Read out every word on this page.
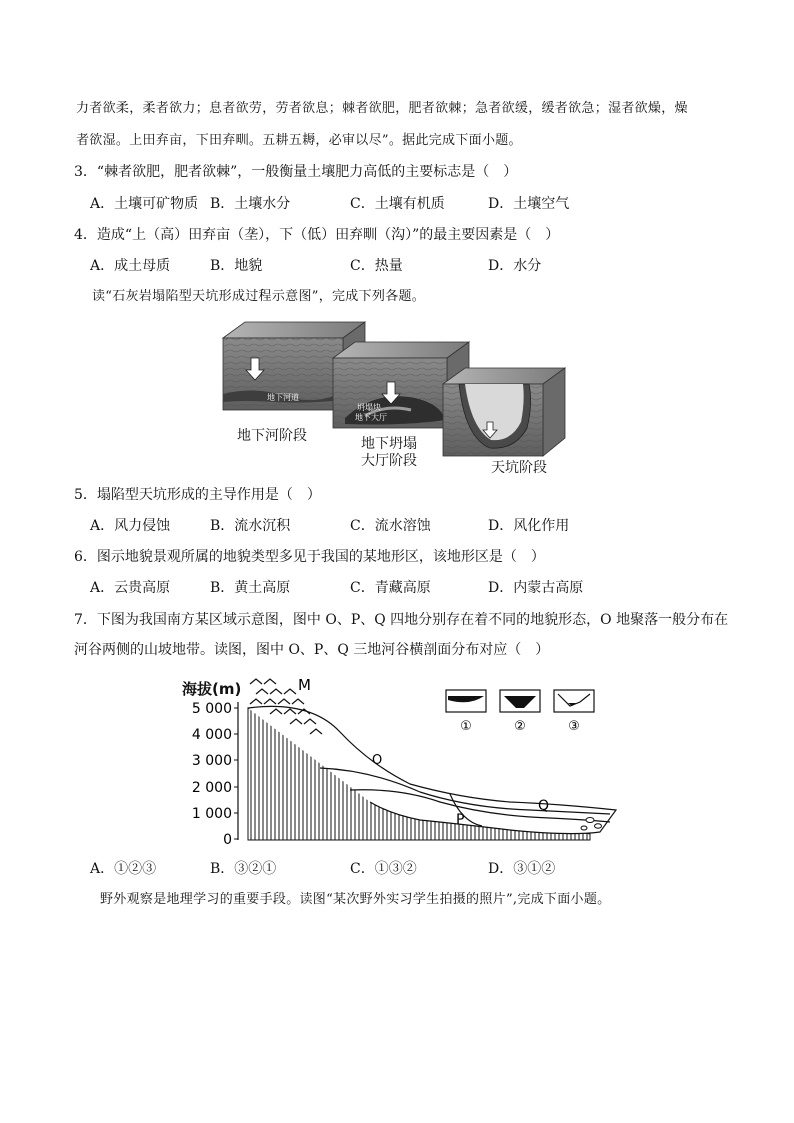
力者欲柔，柔者欲力；息者欲劳，劳者欲息；棘者欲肥，肥者欲棘；急者欲缓，缓者欲急；湿者欲燥，燥
者欲湿。上田弃亩，下田弃甽。五耕五耨，必审以尽”。据此完成下面小题。
3．“棘者欲肥，肥者欲棘”，一般衡量土壤肥力高低的主要标志是（　）
A．土壤可矿物质 B．土壤水分	C．土壤有机质	D．土壤空气
4．造成“上（高）田弃亩（垄），下（低）田弃甽（沟）”的最主要因素是（　）
A．成土母质	B．地貌	C．热量	D．水分
读“石灰岩塌陷型天坑形成过程示意图”，完成下列各题。
地下河道
坍塌块
地下大厅
地下河阶段	地下坍塌
大厅阶段	天坑阶段
5．塌陷型天坑形成的主导作用是（　）
A．风力侵蚀	B．流水沉积	C．流水溶蚀	D．风化作用
6．图示地貌景观所属的地貌类型多见于我国的某地形区，该地形区是（　）
A．云贵高原	B．黄土高原	C．青藏高原	D．内蒙古高原
7．下图为我国南方某区域示意图，图中 O、P、Q 四地分别存在着不同的地貌形态，O 地聚落一般分布在
河谷两侧的山坡地带。读图，图中 O、P、Q 三地河谷横剖面分布对应（　）
海拔(m)
5 000
4 000
3 000
2 000
1 000
0
M
O
P
Q
①	②	③
A．①②③	B．③②①	C．①③②	D．③①②
野外观察是地理学习的重要手段。读图“某次野外实习学生拍摄的照片”,完成下面小题。
